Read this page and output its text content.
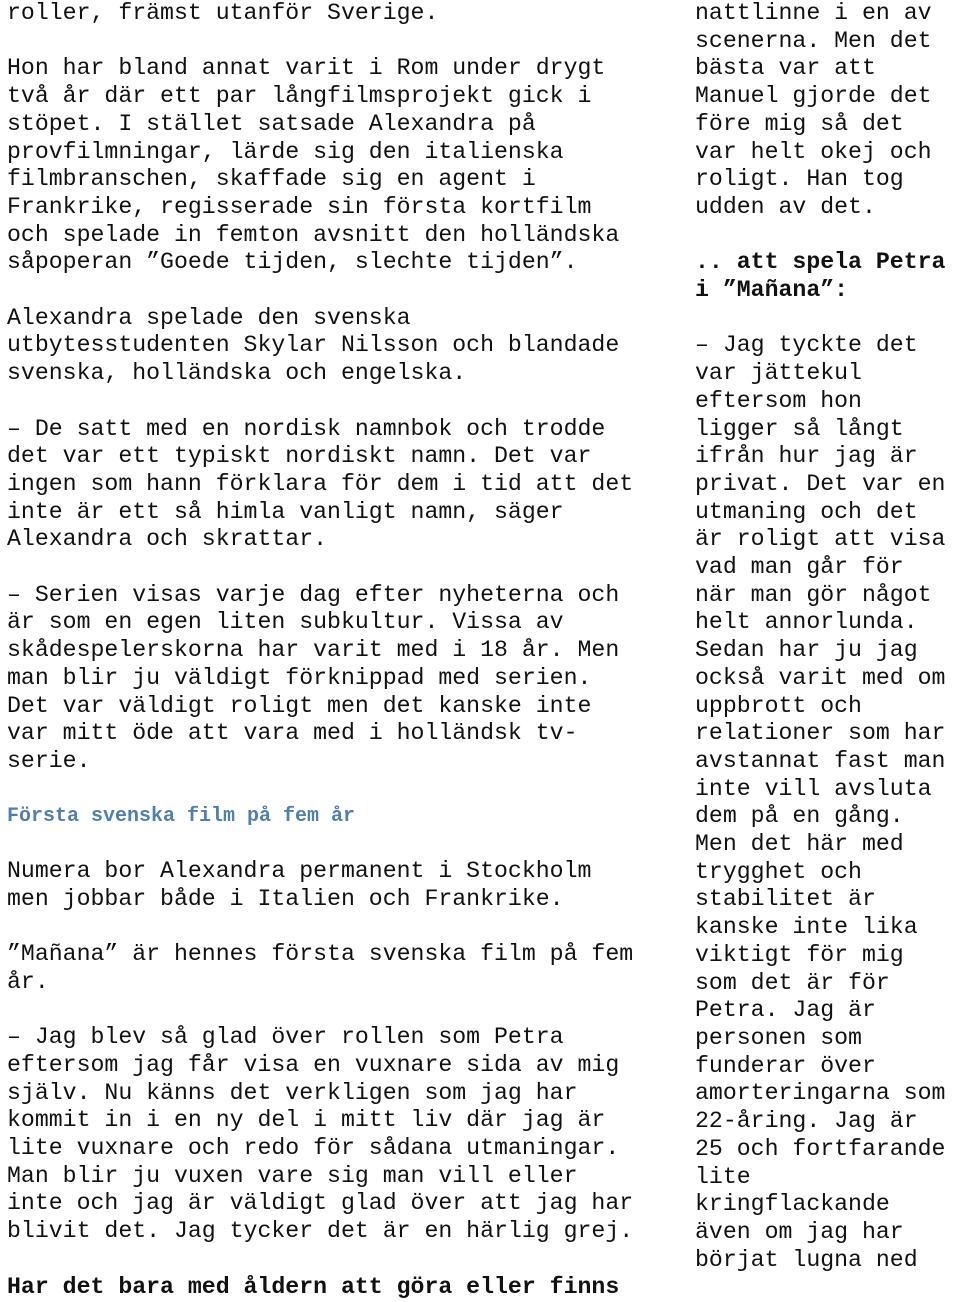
roller, främst utanför Sverige.

Hon har bland annat varit i Rom under drygt
två år där ett par långfilmsprojekt gick i
stöpet. I stället satsade Alexandra på
provfilmningar, lärde sig den italienska
filmbranschen, skaffade sig en agent i
Frankrike, regisserade sin första kortfilm
och spelade in femton avsnitt den holländska
såpoperan ”Goede tijden, slechte tijden”.

Alexandra spelade den svenska
utbytesstudenten Skylar Nilsson och blandade
svenska, holländska och engelska.

– De satt med en nordisk namnbok och trodde
det var ett typiskt nordiskt namn. Det var
ingen som hann förklara för dem i tid att det
inte är ett så himla vanligt namn, säger
Alexandra och skrattar.

– Serien visas varje dag efter nyheterna och
är som en egen liten subkultur. Vissa av
skådespelerskorna har varit med i 18 år. Men
man blir ju väldigt förknippad med serien.
Det var väldigt roligt men det kanske inte
var mitt öde att vara med i holländsk tv-
serie.

Första svenska film på fem år

Numera bor Alexandra permanent i Stockholm
men jobbar både i Italien och Frankrike.

”Mañana” är hennes första svenska film på fem
år.

– Jag blev så glad över rollen som Petra
eftersom jag får visa en vuxnare sida av mig
själv. Nu känns det verkligen som jag har
kommit in i en ny del i mitt liv där jag är
lite vuxnare och redo för sådana utmaningar.
Man blir ju vuxen vare sig man vill eller
inte och jag är väldigt glad över att jag har
blivit det. Jag tycker det är en härlig grej.

Har det bara med åldern att göra eller finns

nattlinne i en av
scenerna. Men det
bästa var att
Manuel gjorde det
före mig så det
var helt okej och
roligt. Han tog
udden av det.

.. att spela Petra
i ”Mañana”:

– Jag tyckte det
var jättekul
eftersom hon
ligger så långt
ifrån hur jag är
privat. Det var en
utmaning och det
är roligt att visa
vad man går för
när man gör något
helt annorlunda.
Sedan har ju jag
också varit med om
uppbrott och
relationer som har
avstannat fast man
inte vill avsluta
dem på en gång.
Men det här med
trygghet och
stabilitet är
kanske inte lika
viktigt för mig
som det är för
Petra. Jag är
personen som
funderar över
amorteringarna som
22-åring. Jag är
25 och fortfarande
lite
kringflackande
även om jag har
börjat lugna ned
